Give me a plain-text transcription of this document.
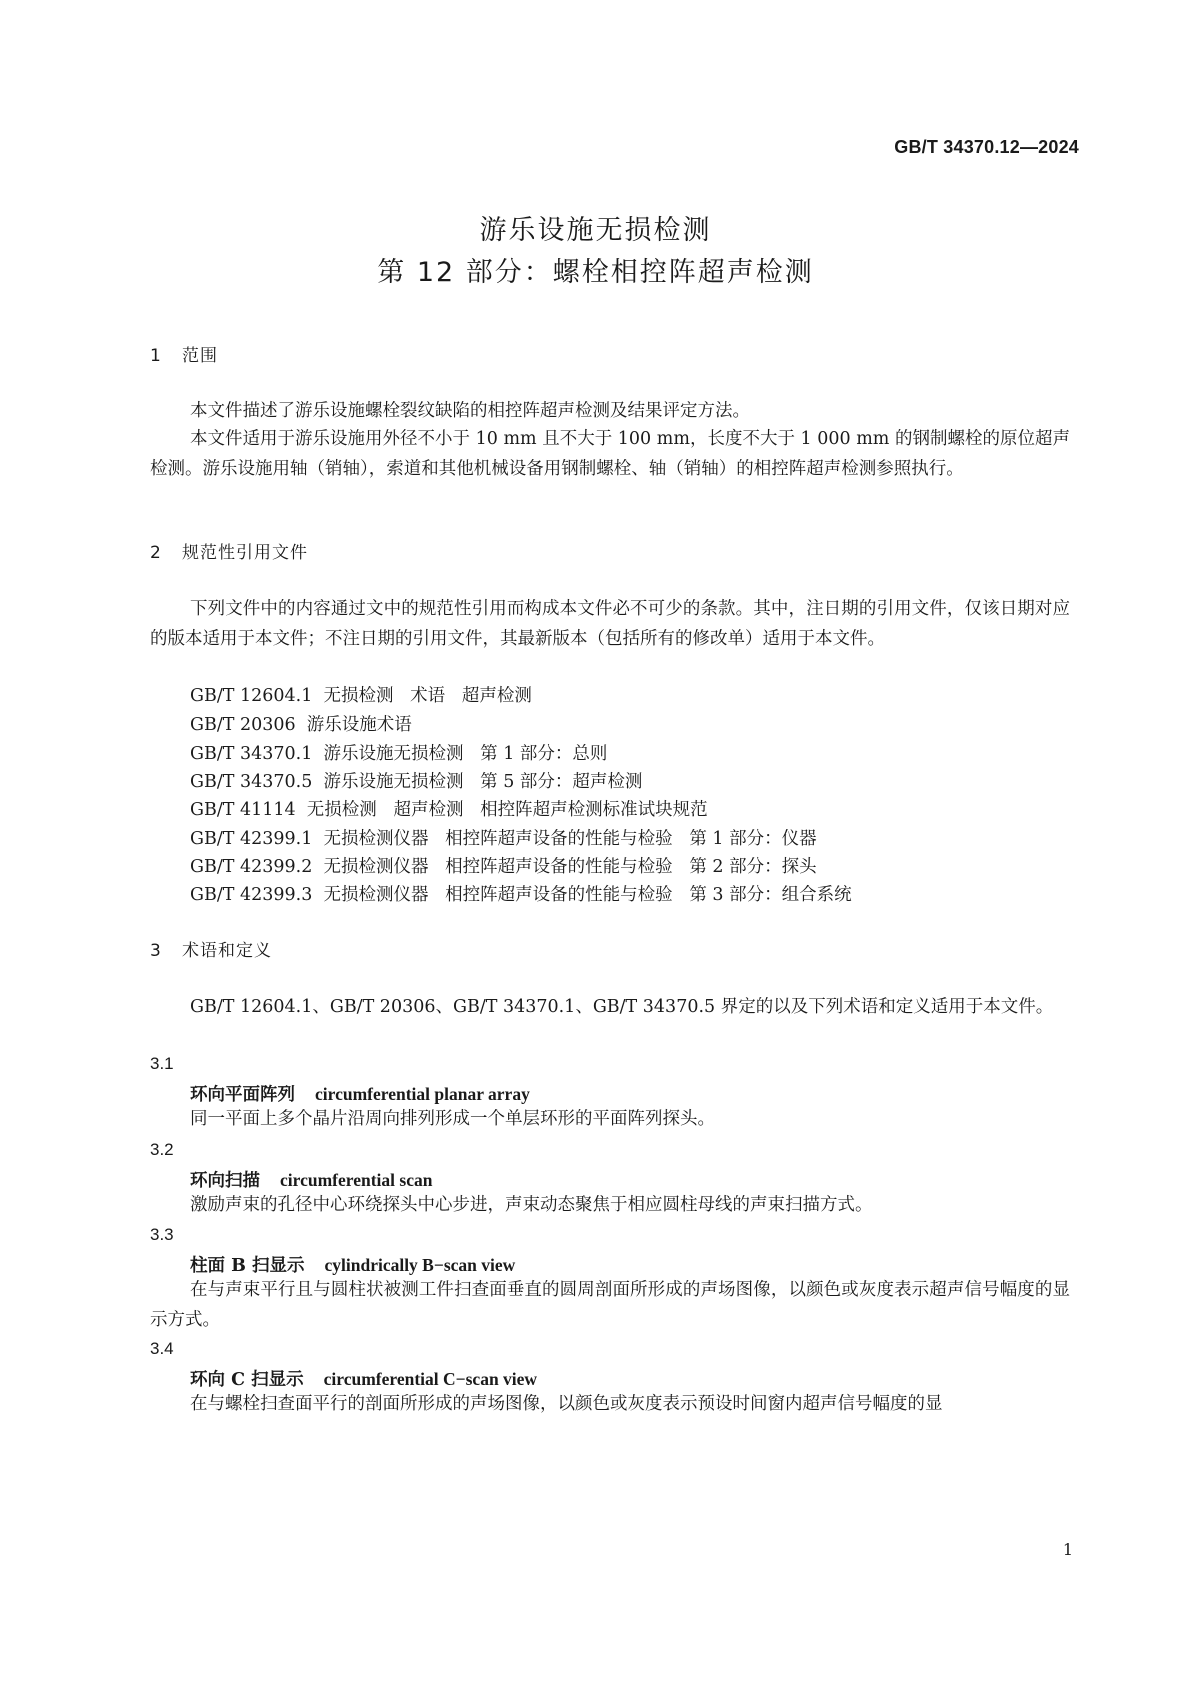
GB/T 34370.12—2024
游乐设施无损检测
第 12 部分：螺栓相控阵超声检测
1 范围
本文件描述了游乐设施螺栓裂纹缺陷的相控阵超声检测及结果评定方法。
本文件适用于游乐设施用外径不小于 10 mm 且不大于 100 mm，长度不大于 1 000 mm 的钢制螺栓的原位超声检测。游乐设施用轴（销轴），索道和其他机械设备用钢制螺栓、轴（销轴）的相控阵超声检测参照执行。
2 规范性引用文件
下列文件中的内容通过文中的规范性引用而构成本文件必不可少的条款。其中，注日期的引用文件，仅该日期对应的版本适用于本文件；不注日期的引用文件，其最新版本（包括所有的修改单）适用于本文件。
GB/T 12604.1  无损检测   术语   超声检测
GB/T 20306  游乐设施术语
GB/T 34370.1  游乐设施无损检测   第 1 部分：总则
GB/T 34370.5  游乐设施无损检测   第 5 部分：超声检测
GB/T 41114  无损检测   超声检测   相控阵超声检测标准试块规范
GB/T 42399.1  无损检测仪器   相控阵超声设备的性能与检验   第 1 部分：仪器
GB/T 42399.2  无损检测仪器   相控阵超声设备的性能与检验   第 2 部分：探头
GB/T 42399.3  无损检测仪器   相控阵超声设备的性能与检验   第 3 部分：组合系统
3 术语和定义
GB/T 12604.1、GB/T 20306、GB/T 34370.1、GB/T 34370.5 界定的以及下列术语和定义适用于本文件。
3.1
环向平面阵列 circumferential planar array
同一平面上多个晶片沿周向排列形成一个单层环形的平面阵列探头。
3.2
环向扫描 circumferential scan
激励声束的孔径中心环绕探头中心步进，声束动态聚焦于相应圆柱母线的声束扫描方式。
3.3
柱面 B 扫显示 cylindrically B−scan view
在与声束平行且与圆柱状被测工件扫查面垂直的圆周剖面所形成的声场图像，以颜色或灰度表示超声信号幅度的显示方式。
3.4
环向 C 扫显示 circumferential C−scan view
在与螺栓扫查面平行的剖面所形成的声场图像，以颜色或灰度表示预设时间窗内超声信号幅度的显
1
